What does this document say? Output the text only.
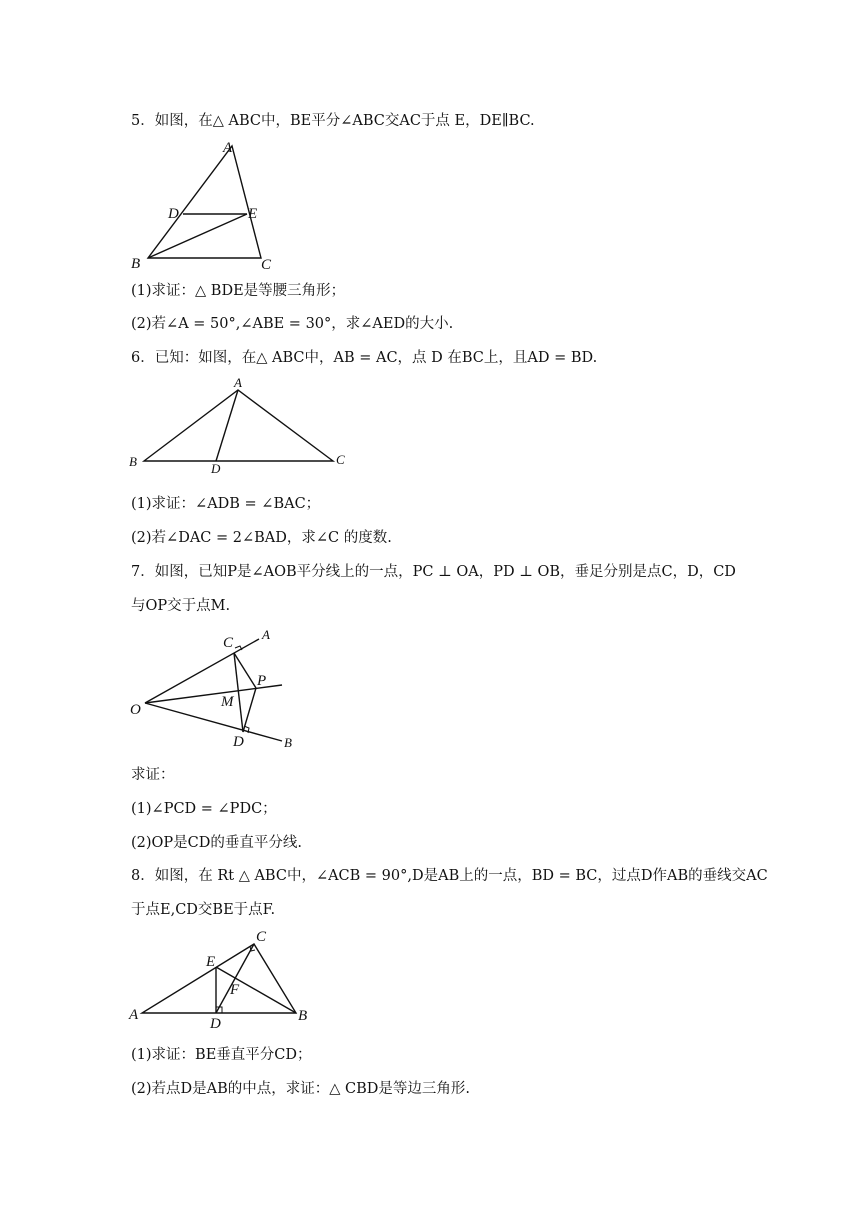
5．如图，在△ ABC中，BE平分∠ABC交AC于点 E，DE∥BC.
A
B	C
D	E
(1)求证：△ BDE是等腰三角形；
(2)若∠A = 50°,∠ABE = 30°，求∠AED的大小.
6．已知：如图，在△ ABC中，AB = AC，点 D 在BC上，且AD = BD.
A
B	C
D
(1)求证：∠ADB = ∠BAC；
(2)若∠DAC = 2∠BAD，求∠C 的度数.
7．如图，已知P是∠AOB平分线上的一点，PC ⊥ OA，PD ⊥ OB，垂足分别是点C，D，CD
与OP交于点M.
C
A
O
P
M
D	B
求证：
(1)∠PCD = ∠PDC；
(2)OP是CD的垂直平分线.
8．如图，在 Rt △ ABC中，∠ACB = 90°,D是AB上的一点，BD = BC，过点D作AB的垂线交AC
于点E,CD交BE于点F.
A	B
C
D
E
F
(1)求证：BE垂直平分CD；
(2)若点D是AB的中点，求证：△ CBD是等边三角形.
